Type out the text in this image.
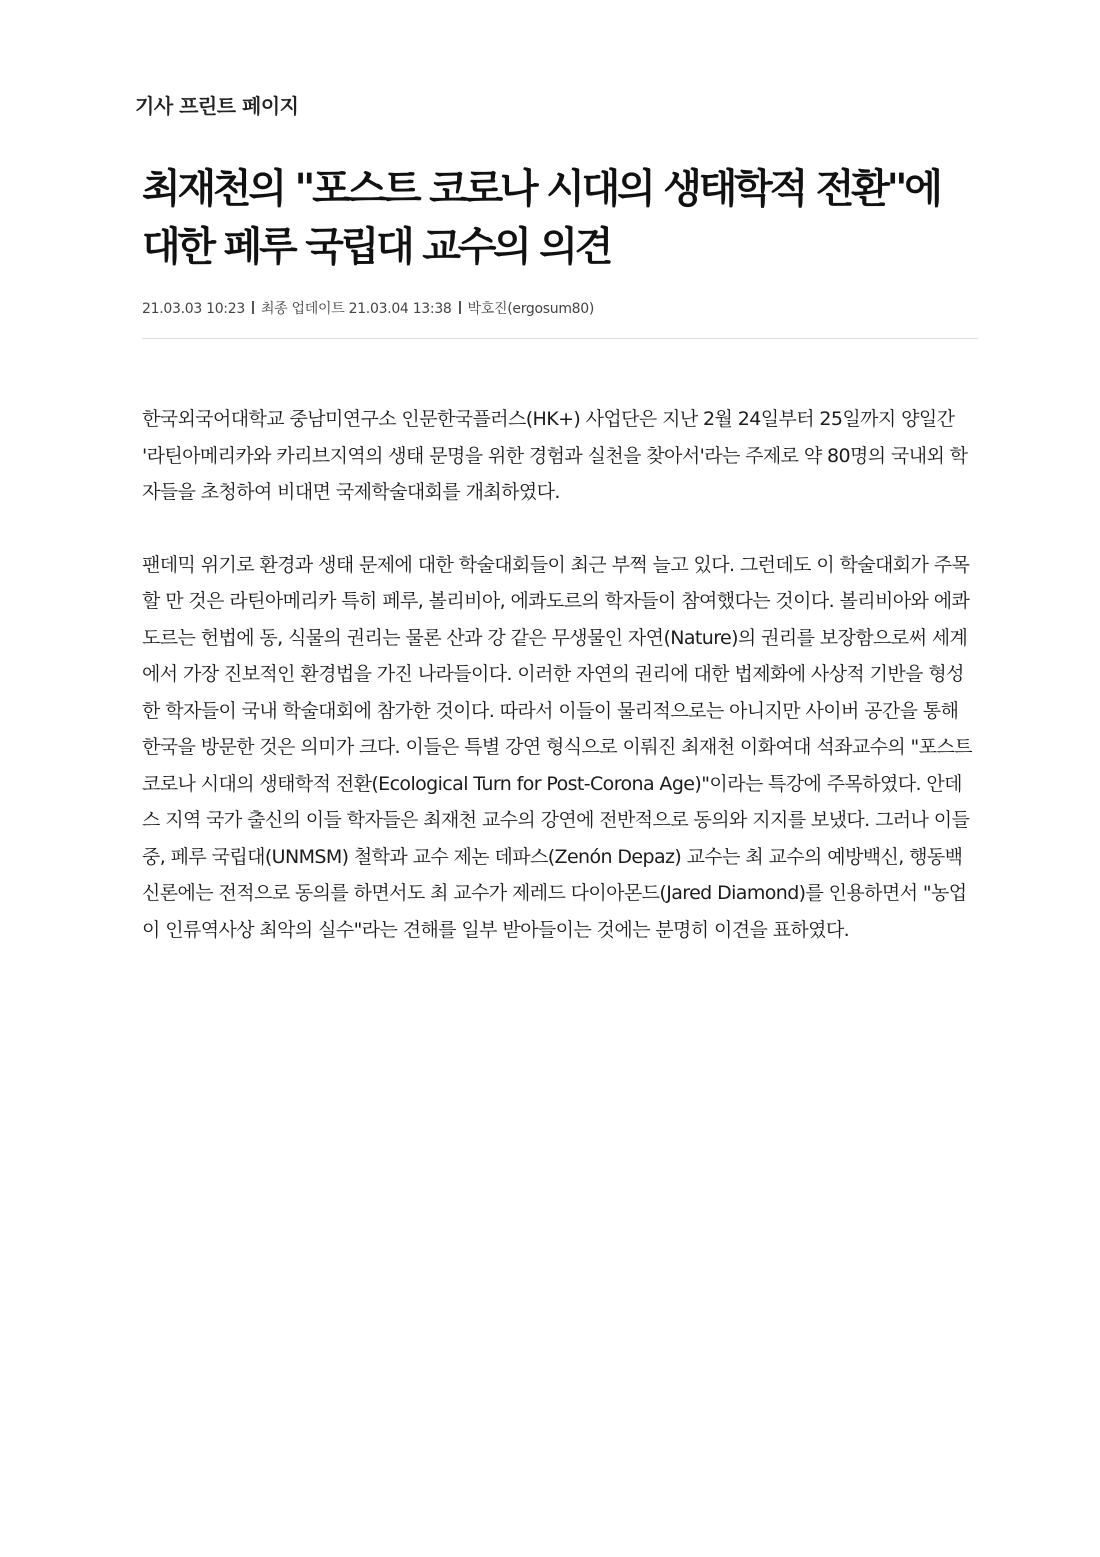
기사 프린트 페이지
최재천의 "포스트 코로나 시대의 생태학적 전환"에 대한 페루 국립대 교수의 의견
21.03.03 10:23 최종 업데이트 21.03.04 13:38 박호진(ergosum80)

한국외국어대학교 중남미연구소 인문한국플러스(HK+) 사업단은 지난 2월 24일부터 25일까지 양일간 '라틴아메리카와 카리브지역의 생태 문명을 위한 경험과 실천을 찾아서'라는 주제로 약 80명의 국내외 학자들을 초청하여 비대면 국제학술대회를 개최하였다.

팬데믹 위기로 환경과 생태 문제에 대한 학술대회들이 최근 부쩍 늘고 있다. 그런데도 이 학술대회가 주목할 만 것은 라틴아메리카 특히 페루, 볼리비아, 에콰도르의 학자들이 참여했다는 것이다. 볼리비아와 에콰도르는 헌법에 동, 식물의 권리는 물론 산과 강 같은 무생물인 자연(Nature)의 권리를 보장함으로써 세계에서 가장 진보적인 환경법을 가진 나라들이다. 이러한 자연의 권리에 대한 법제화에 사상적 기반을 형성한 학자들이 국내 학술대회에 참가한 것이다. 따라서 이들이 물리적으로는 아니지만 사이버 공간을 통해 한국을 방문한 것은 의미가 크다. 이들은 특별 강연 형식으로 이뤄진 최재천 이화여대 석좌교수의 "포스트 코로나 시대의 생태학적 전환(Ecological Turn for Post-Corona Age)"이라는 특강에 주목하였다. 안데스 지역 국가 출신의 이들 학자들은 최재천 교수의 강연에 전반적으로 동의와 지지를 보냈다. 그러나 이들 중, 페루 국립대(UNMSM) 철학과 교수 제논 데파스(Zenón Depaz) 교수는 최 교수의 예방백신, 행동백신론에는 전적으로 동의를 하면서도 최 교수가 제레드 다이아몬드(Jared Diamond)를 인용하면서 "농업이 인류역사상 최악의 실수"라는 견해를 일부 받아들이는 것에는 분명히 이견을 표하였다.
